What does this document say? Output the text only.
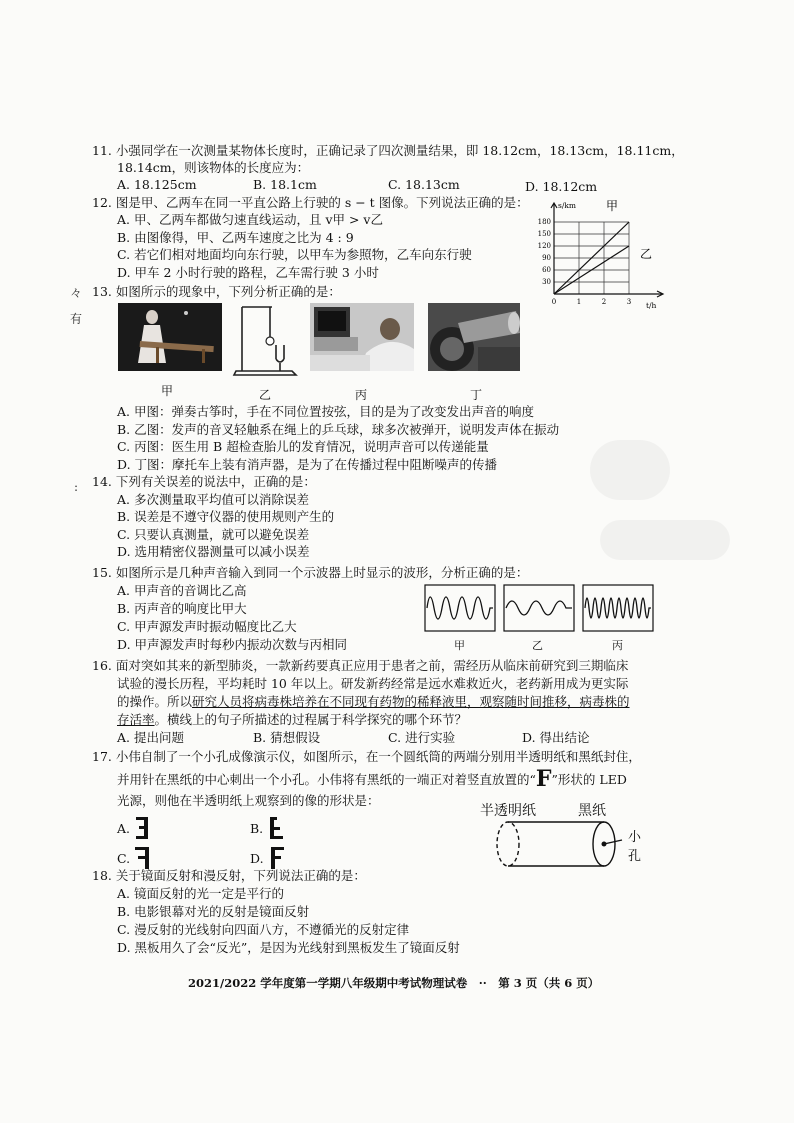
11. 小强同学在一次测量某物体长度时，正确记录了四次测量结果，即 18.12cm，18.13cm，18.11cm，
18.14cm，则该物体的长度应为：
A. 18.125cm	B. 18.1cm	C. 18.13cm	D. 18.12cm
12. 图是甲、乙两车在同一平直公路上行驶的 s − t 图像。下列说法正确的是：
A. 甲、乙两车都做匀速直线运动，且 v甲 > v乙
B. 由图像得，甲、乙两车速度之比为 4 : 9
C. 若它们相对地面均向东行驶，以甲车为参照物，乙车向东行驶
D. 甲车 2 小时行驶的路程，乙车需行驶 3 小时
s/km
t/h
180
150
120
90
60
30
0	1	2	3
甲
乙
々
有
:
13. 如图所示的现象中，下列分析正确的是：
甲	乙	丙	丁
A. 甲图：弹奏古筝时，手在不同位置按弦，目的是为了改变发出声音的响度
B. 乙图：发声的音叉轻触系在绳上的乒乓球，球多次被弹开，说明发声体在振动
C. 丙图：医生用 B 超检查胎儿的发育情况，说明声音可以传递能量
D. 丁图：摩托车上装有消声器，是为了在传播过程中阻断噪声的传播
14. 下列有关误差的说法中，正确的是：
A. 多次测量取平均值可以消除误差
B. 误差是不遵守仪器的使用规则产生的
C. 只要认真测量，就可以避免误差
D. 选用精密仪器测量可以减小误差
15. 如图所示是几种声音输入到同一个示波器上时显示的波形，分析正确的是：
A. 甲声音的音调比乙高
B. 丙声音的响度比甲大
C. 甲声源发声时振动幅度比乙大
D. 甲声源发声时每秒内振动次数与丙相同	甲	乙	丙
16. 面对突如其来的新型肺炎，一款新药要真正应用于患者之前，需经历从临床前研究到三期临床
试验的漫长历程，平均耗时 10 年以上。研发新药经常是远水难救近火，老药新用成为更实际
的操作。所以研究人员将病毒株培养在不同现有药物的稀释液里，观察随时间推移，病毒株的
存活率。横线上的句子所描述的过程属于科学探究的哪个环节？
A. 提出问题	B. 猜想假设	C. 进行实验	D. 得出结论
17. 小伟自制了一个小孔成像演示仪，如图所示，在一个圆纸筒的两端分别用半透明纸和黑纸封住，
并用针在黑纸的中心刺出一个小孔。小伟将有黑纸的一端正对着竖直放置的“F”形状的 LED
光源，则他在半透明纸上观察到的像的形状是：
A.	B.
C.	D.
半透明纸	黑纸
小
孔
18. 关于镜面反射和漫反射，下列说法正确的是：
A. 镜面反射的光一定是平行的
B. 电影银幕对光的反射是镜面反射
C. 漫反射的光线射向四面八方，不遵循光的反射定律
D. 黑板用久了会“反光”，是因为光线射到黑板发生了镜面反射
2021/2022 学年度第一学期八年级期中考试物理试卷　··　第 3 页（共 6 页）
